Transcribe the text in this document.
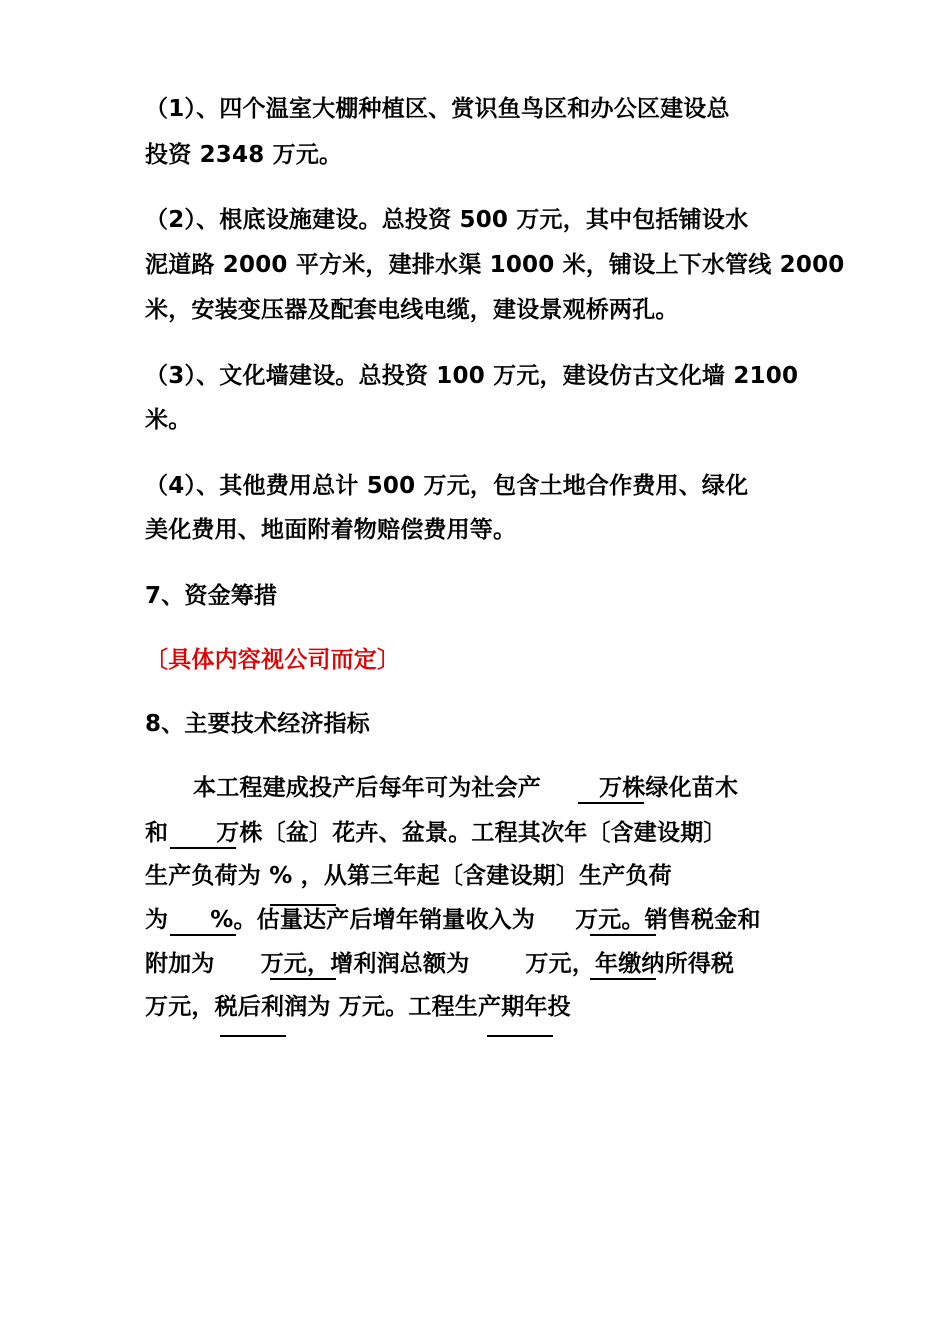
（1）、四个温室大棚种植区、赏识鱼鸟区和办公区建设总
投资 2348 万元。
（2）、根底设施建设。总投资 500 万元，其中包括铺设水
泥道路 2000 平方米，建排水渠 1000 米，铺设上下水管线 2000
米，安装变压器及配套电线电缆，建设景观桥两孔。
（3）、文化墙建设。总投资 100 万元，建设仿古文化墙 2100
米。
（4）、其他费用总计 500 万元，包含土地合作费用、绿化
美化费用、地面附着物赔偿费用等。
7、资金筹措
〔具体内容视公司而定〕
8、主要技术经济指标
本工程建成投产后每年可为社会产	万株绿化苗木
和 万株〔盆〕花卉、盆景。工程其次年〔含建设期〕
生产负荷为 % ，从第三年起〔含建设期〕生产负荷
为 %。估量达产后增年销量收入为 万元。销售税金和
附加为 万元，增利润总额为 万元，年缴纳所得税
万元，税后利润为 万元。工程生产期年投
